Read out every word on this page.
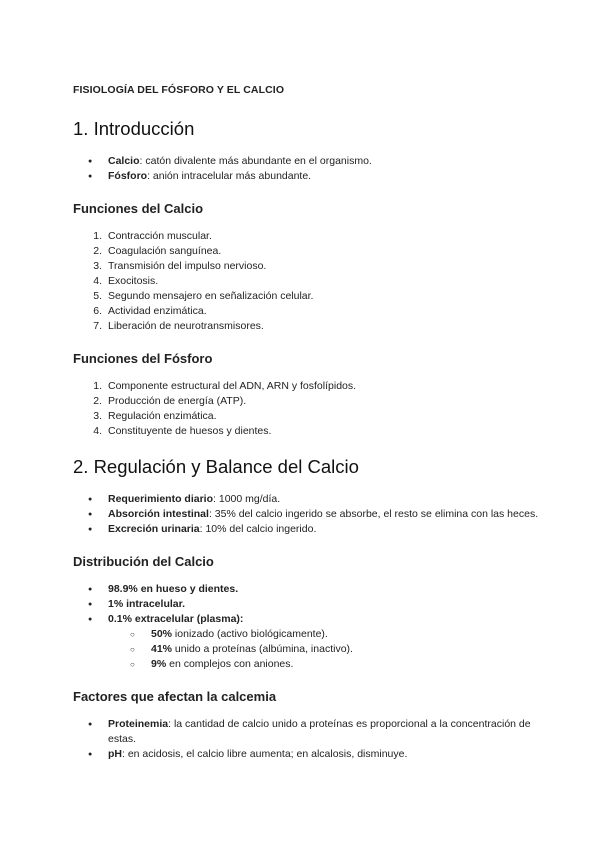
FISIOLOGÍA DEL FÓSFORO Y EL CALCIO
1. Introducción
● Calcio: catón divalente más abundante en el organismo.
● Fósforo: anión intracelular más abundante.
Funciones del Calcio
1. Contracción muscular.
2. Coagulación sanguínea.
3. Transmisión del impulso nervioso.
4. Exocitosis.
5. Segundo mensajero en señalización celular.
6. Actividad enzimática.
7. Liberación de neurotransmisores.
Funciones del Fósforo
1. Componente estructural del ADN, ARN y fosfolípidos.
2. Producción de energía (ATP).
3. Regulación enzimática.
4. Constituyente de huesos y dientes.
2. Regulación y Balance del Calcio
● Requerimiento diario: 1000 mg/día.
● Absorción intestinal: 35% del calcio ingerido se absorbe, el resto se elimina con las heces.
● Excreción urinaria: 10% del calcio ingerido.
Distribución del Calcio
● 98.9% en hueso y dientes.
● 1% intracelular.
● 0.1% extracelular (plasma):
○ 50% ionizado (activo biológicamente).
○ 41% unido a proteínas (albúmina, inactivo).
○ 9% en complejos con aniones.
Factores que afectan la calcemia
● Proteinemia: la cantidad de calcio unido a proteínas es proporcional a la concentración de estas.
● pH: en acidosis, el calcio libre aumenta; en alcalosis, disminuye.
